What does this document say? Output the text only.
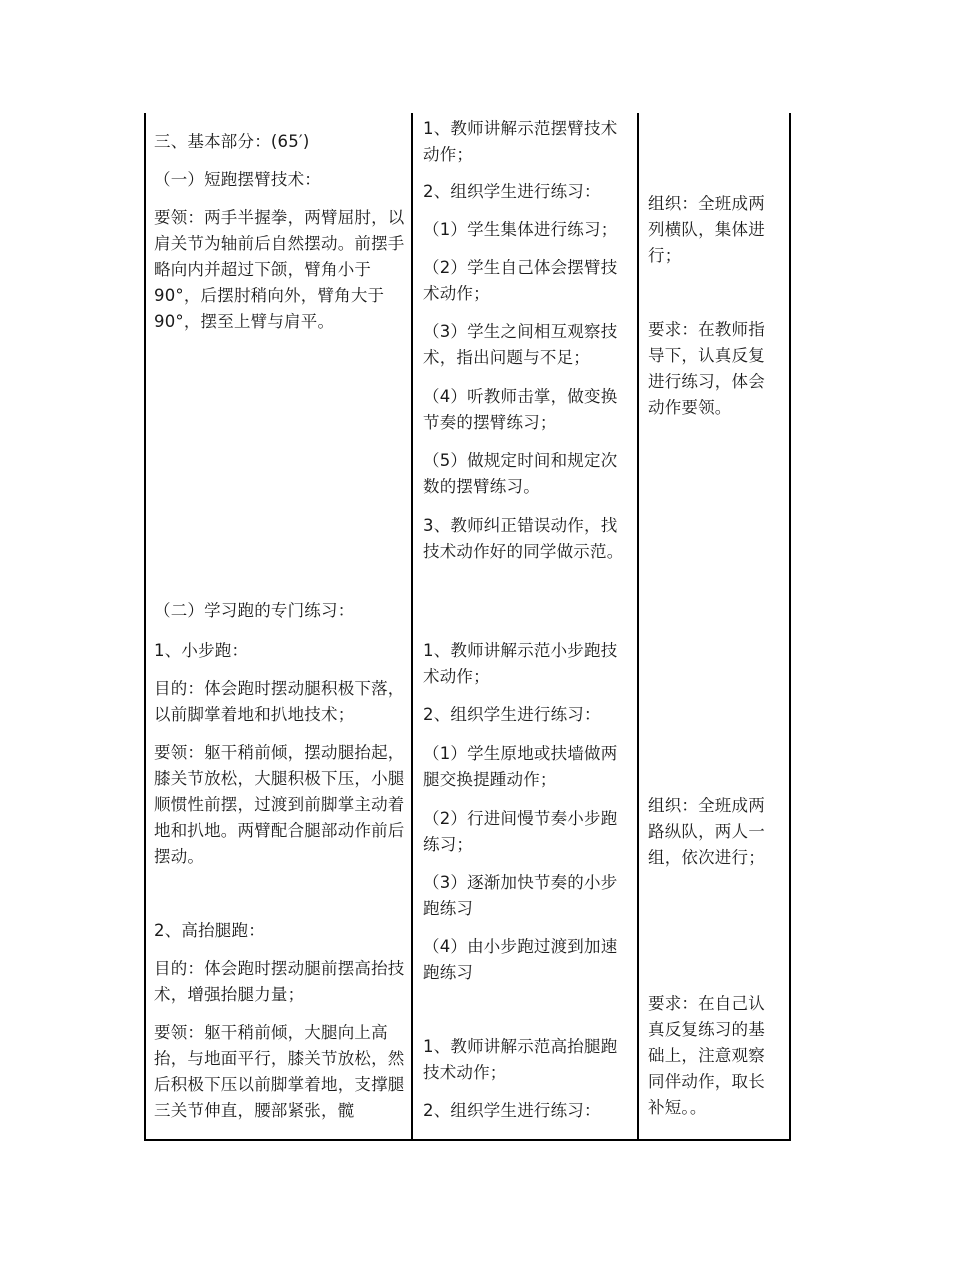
三、基本部分：(65′)
（一）短跑摆臂技术：
要领：两手半握拳，两臂屈肘，以肩关节为轴前后自然摆动。前摆手略向内并超过下颌，臂角小于 90°，后摆肘稍向外，臂角大于 90°，摆至上臂与肩平。
（二）学习跑的专门练习：
1、小步跑：
目的：体会跑时摆动腿积极下落，以前脚掌着地和扒地技术；
要领：躯干稍前倾，摆动腿抬起，膝关节放松，大腿积极下压，小腿顺惯性前摆，过渡到前脚掌主动着地和扒地。两臂配合腿部动作前后摆动。
2、高抬腿跑：
目的：体会跑时摆动腿前摆高抬技术，增强抬腿力量；
要领：躯干稍前倾，大腿向上高抬，与地面平行，膝关节放松，然后积极下压以前脚掌着地，支撑腿三关节伸直，腰部紧张，髋
1、教师讲解示范摆臂技术动作；
2、组织学生进行练习：
（1）学生集体进行练习；
（2）学生自己体会摆臂技术动作；
（3）学生之间相互观察技术，指出问题与不足；
（4）听教师击掌，做变换节奏的摆臂练习；
（5）做规定时间和规定次数的摆臂练习。
3、教师纠正错误动作，找技术动作好的同学做示范。
1、教师讲解示范小步跑技术动作；
2、组织学生进行练习：
（1）学生原地或扶墙做两腿交换提踵动作；
（2）行进间慢节奏小步跑练习；
（3）逐渐加快节奏的小步跑练习
（4）由小步跑过渡到加速跑练习
1、教师讲解示范高抬腿跑技术动作；
2、组织学生进行练习：
组织：全班成两列横队，集体进行；
要求：在教师指导下，认真反复进行练习，体会动作要领。
组织：全班成两路纵队，两人一组，依次进行；
要求：在自己认真反复练习的基础上，注意观察同伴动作，取长补短。。
